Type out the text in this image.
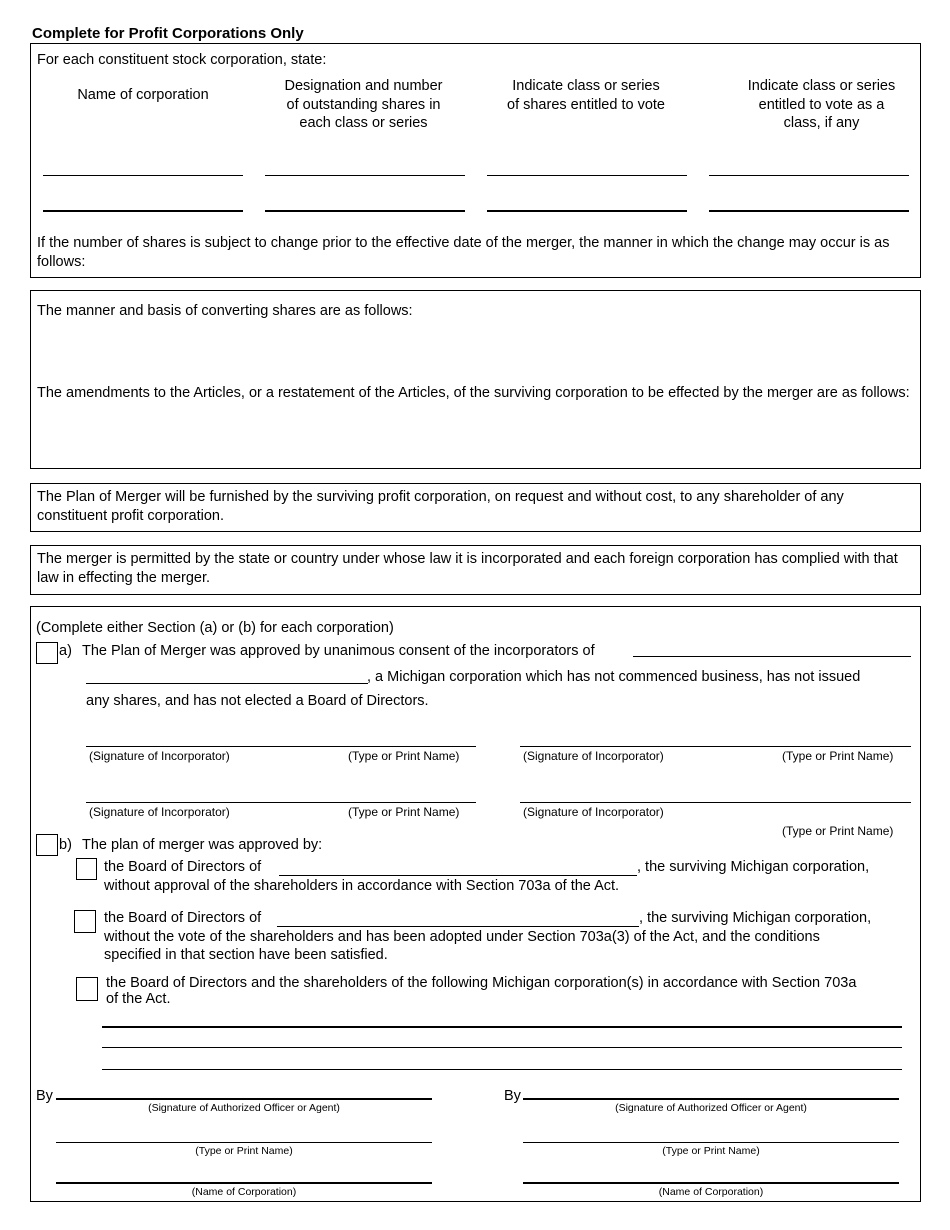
Complete for Profit Corporations Only
For each constituent stock corporation, state:
Name of corporation
Designation and number of outstanding shares in each class or series
Indicate class or series of shares entitled to vote
Indicate class or series entitled to vote as a class, if any
If the number of shares is subject to change prior to the effective date of the merger, the manner in which the change may occur is as follows:
The manner and basis of converting shares are as follows:
The amendments to the Articles, or a restatement of the Articles, of the surviving corporation to be effected by the merger are as follows:
The Plan of Merger will be furnished by the surviving profit corporation, on request and without cost, to any shareholder of any constituent profit corporation.
The merger is permitted by the state or country under whose law it is incorporated and each foreign corporation has complied with that law in effecting the merger.
(Complete either Section (a) or (b) for each corporation)
a) The Plan of Merger was approved by unanimous consent of the incorporators of
, a Michigan corporation which has not commenced business, has not issued
any shares, and has not elected a Board of Directors.
(Signature of Incorporator)	(Type or Print Name)	(Signature of Incorporator)	(Type or Print Name)
(Signature of Incorporator)	(Type or Print Name)	(Signature of Incorporator)
(Type or Print Name)
b) The plan of merger was approved by:
the Board of Directors of	, the surviving Michigan corporation,
without approval of the shareholders in accordance with Section 703a of the Act.
the Board of Directors of	, the surviving Michigan corporation,
without the vote of the shareholders and has been adopted under Section 703a(3) of the Act, and the conditions
specified in that section have been satisfied.
the Board of Directors and the shareholders of the following Michigan corporation(s) in accordance with Section 703a
of the Act.
By
(Signature of Authorized Officer or Agent)
(Type or Print Name)
(Name of Corporation)
By
(Signature of Authorized Officer or Agent)
(Type or Print Name)
(Name of Corporation)
